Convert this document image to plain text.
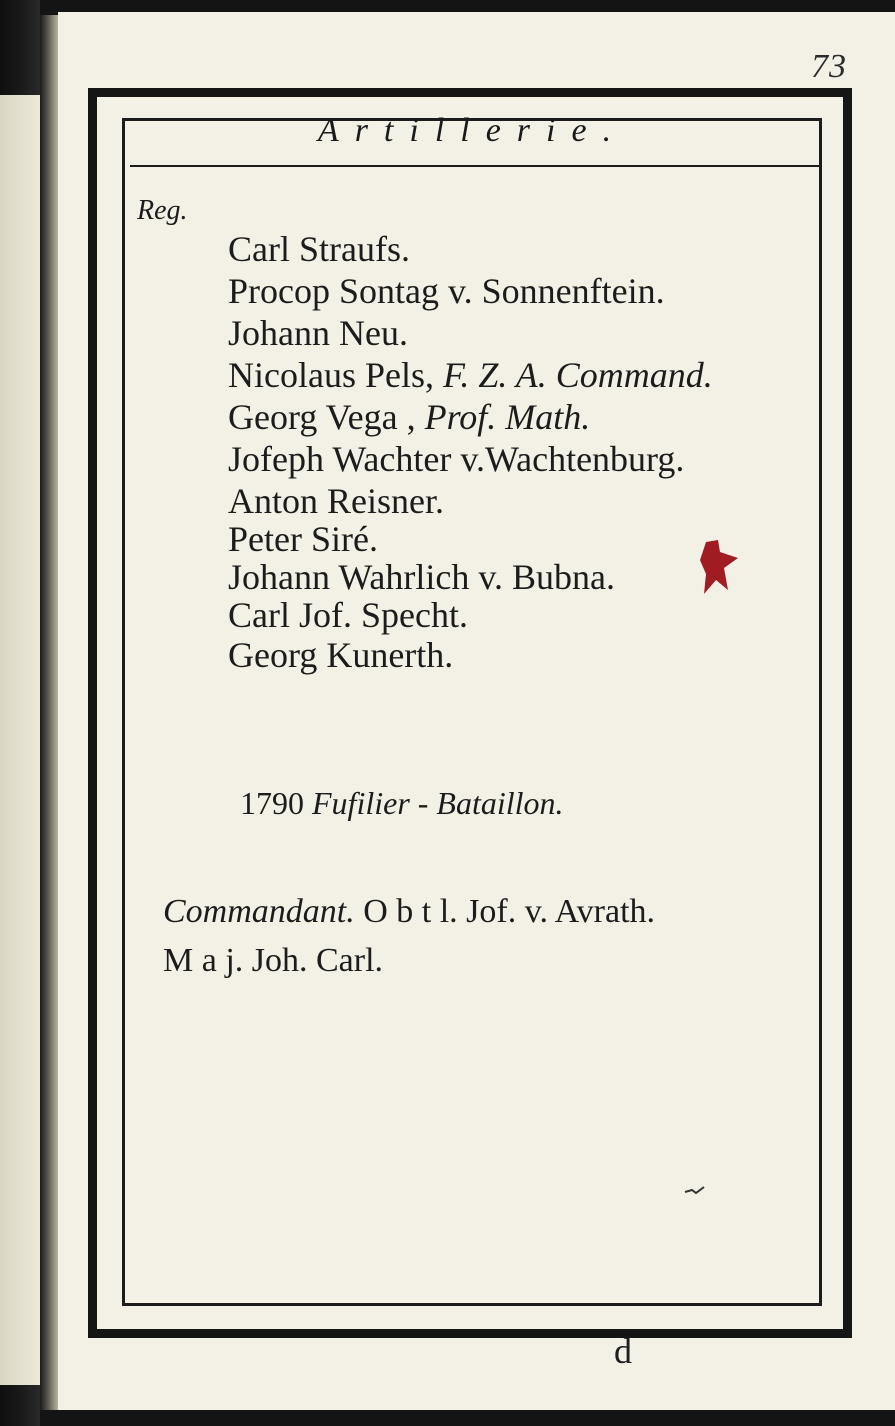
73
Artillerie.
Reg.
Carl Straufs.
Procop Sontag v. Sonnenftein.
Johann Neu.
Nicolaus Pels, F. Z. A. Command.
Georg Vega , Prof. Math.
Jofeph Wachter v.Wachtenburg.
Anton Reisner.
Peter Siré.
Johann Wahrlich v. Bubna.
Carl Jof. Specht.
Georg Kunerth.
1790 Fufilier - Bataillon.
Commandant. O b t l. Jof. v. Avrath.
M a j. Joh. Carl.
d
